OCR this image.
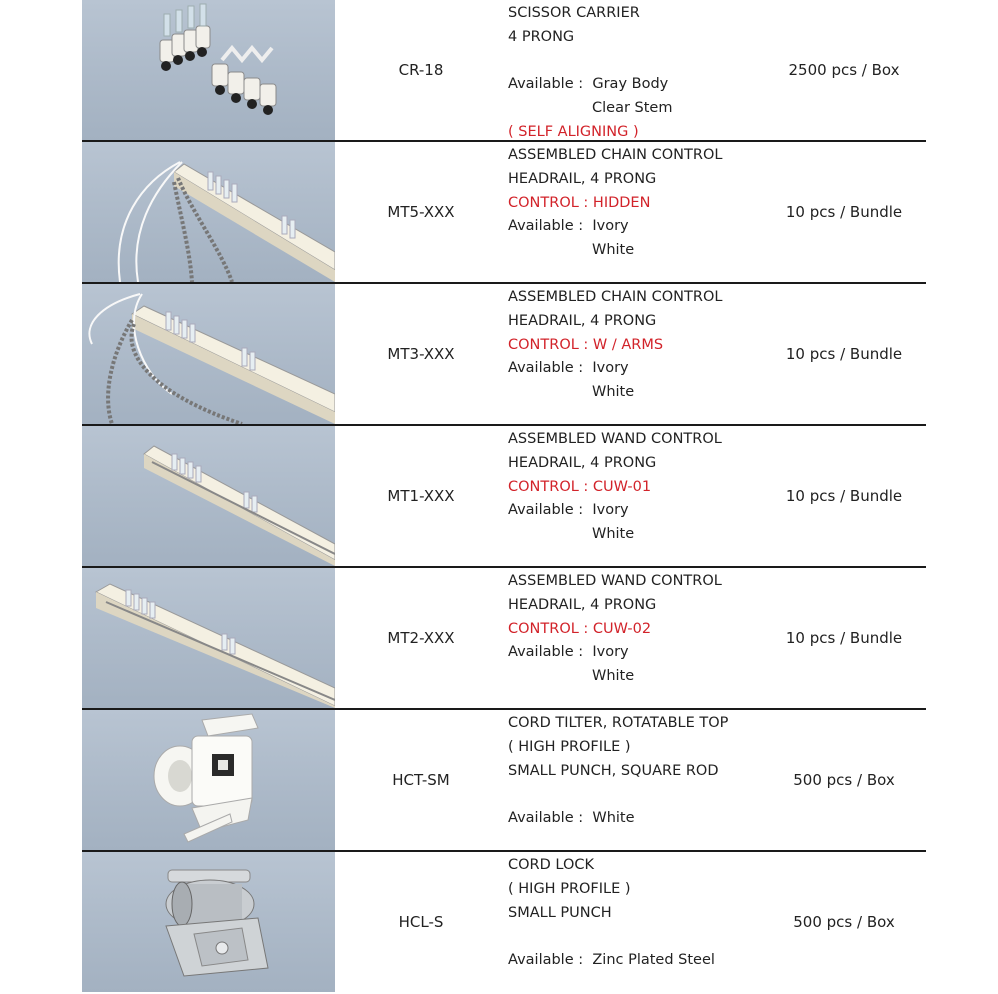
CR-18
SCISSOR CARRIER
4 PRONG
Available : Gray Body
Clear Stem
( SELF ALIGNING )
2500 pcs / Box
MT5-XXX
ASSEMBLED CHAIN CONTROL
HEADRAIL, 4 PRONG
CONTROL : HIDDEN
Available : Ivory
White
10 pcs / Bundle
MT3-XXX
ASSEMBLED CHAIN CONTROL
HEADRAIL, 4 PRONG
CONTROL : W / ARMS
Available : Ivory
White
10 pcs / Bundle
MT1-XXX
ASSEMBLED WAND CONTROL
HEADRAIL, 4 PRONG
CONTROL : CUW-01
Available : Ivory
White
10 pcs / Bundle
MT2-XXX
ASSEMBLED WAND CONTROL
HEADRAIL, 4 PRONG
CONTROL : CUW-02
Available : Ivory
White
10 pcs / Bundle
HCT-SM
CORD TILTER, ROTATABLE TOP
( HIGH PROFILE )
SMALL PUNCH, SQUARE ROD
Available : White
500 pcs / Box
HCL-S
CORD LOCK
( HIGH PROFILE )
SMALL PUNCH
Available : Zinc Plated Steel
500 pcs / Box
